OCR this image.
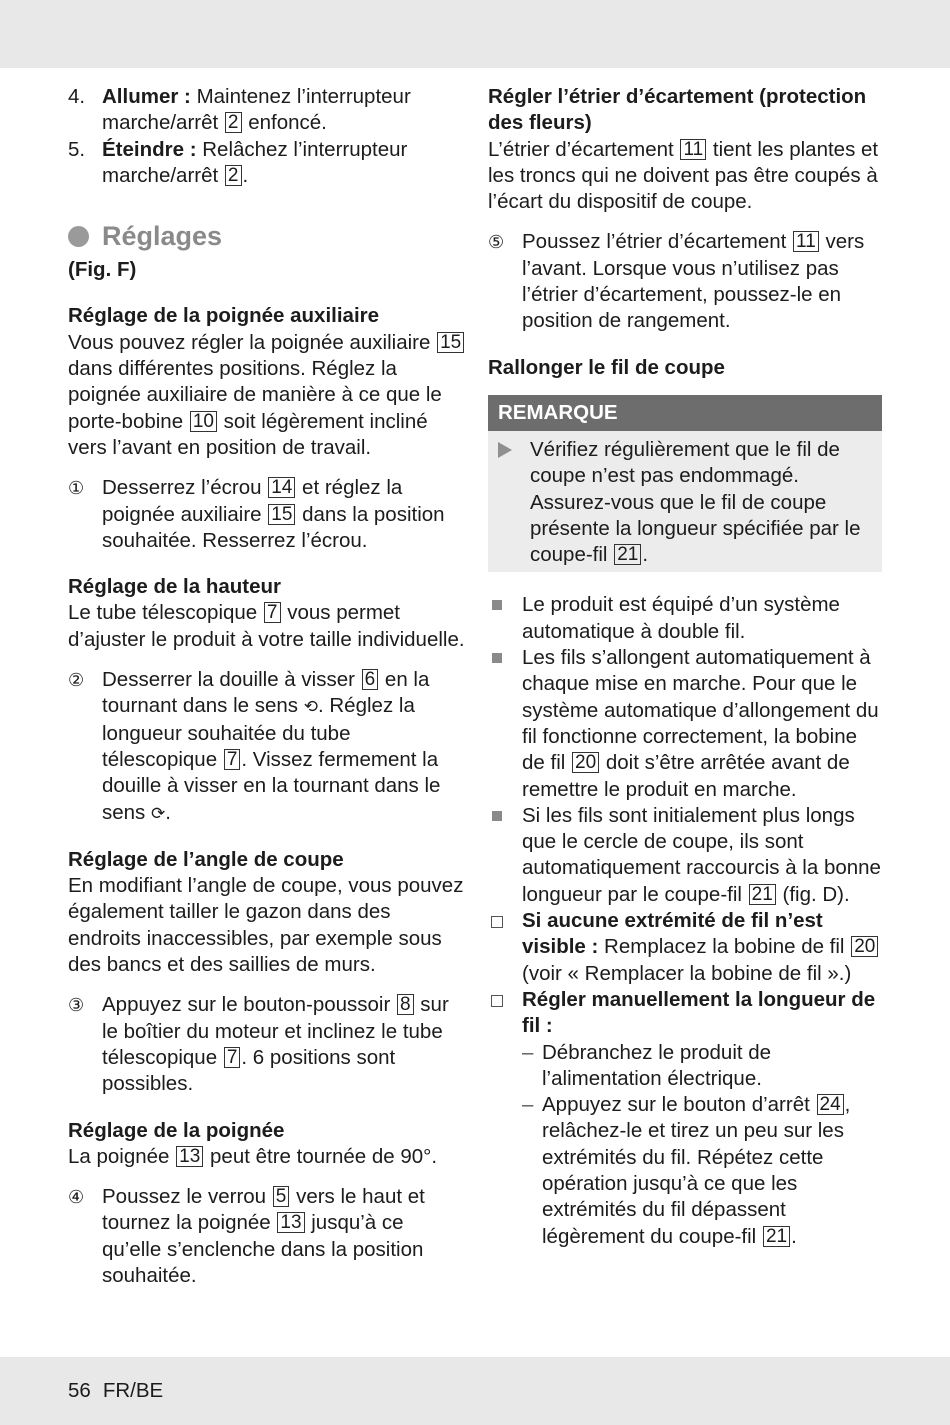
4. Allumer : Maintenez l’interrupteur marche/arrêt 2 enfoncé.

5. Éteindre : Relâchez l’interrupteur marche/arrêt 2 .

Réglages

(Fig. F)

Réglage de la poignée auxiliaire

Vous pouvez régler la poignée auxiliaire 15 dans différentes positions. Réglez la poignée auxiliaire de manière à ce que le porte-bobine 10 soit légèrement incliné vers l’avant en position de travail.

① Desserrez l’écrou 14 et réglez la poignée auxiliaire 15 dans la position souhaitée. Resserrez l’écrou.

Réglage de la hauteur

Le tube télescopique 7 vous permet d’ajuster le produit à votre taille individuelle.

② Desserrer la douille à visser 6 en la tournant dans le sens ⟲. Réglez la longueur souhaitée du tube télescopique 7 . Vissez fermement la douille à visser en la tournant dans le sens ⟳.

Réglage de l’angle de coupe

En modifiant l’angle de coupe, vous pouvez également tailler le gazon dans des endroits inaccessibles, par exemple sous des bancs et des saillies de murs.

③ Appuyez sur le bouton-poussoir 8 sur le boîtier du moteur et inclinez le tube télescopique 7 . 6 positions sont possibles.

Réglage de la poignée

La poignée 13 peut être tournée de 90°.

④ Poussez le verrou 5 vers le haut et tournez la poignée 13 jusqu’à ce qu’elle s’enclenche dans la position souhaitée.

Régler l’étrier d’écartement (protection des fleurs)

L’étrier d’écartement 11 tient les plantes et les troncs qui ne doivent pas être coupés à l’écart du dispositif de coupe.

⑤ Poussez l’étrier d’écartement 11 vers l’avant. Lorsque vous n’utilisez pas l’étrier d’écartement, poussez-le en position de rangement.

Rallonger le fil de coupe

REMARQUE

Vérifiez régulièrement que le fil de coupe n’est pas endommagé. Assurez-vous que le fil de coupe présente la longueur spécifiée par le coupe-fil 21 .

Le produit est équipé d’un système automatique à double fil.

Les fils s’allongent automatiquement à chaque mise en marche. Pour que le système automatique d’allongement du fil fonctionne correctement, la bobine de fil 20 doit s’être arrêtée avant de remettre le produit en marche.

Si les fils sont initialement plus longs que le cercle de coupe, ils sont automatiquement raccourcis à la bonne longueur par le coupe-fil 21 (fig. D).

Si aucune extrémité de fil n’est visible : Remplacez la bobine de fil 20 (voir « Remplacer la bobine de fil ».)

Régler manuellement la longueur de fil :

– Débranchez le produit de l’alimentation électrique.

– Appuyez sur le bouton d’arrêt 24 , relâchez-le et tirez un peu sur les extrémités du fil. Répétez cette opération jusqu’à ce que les extrémités du fil dépassent légèrement du coupe-fil 21 .

56 FR/BE
